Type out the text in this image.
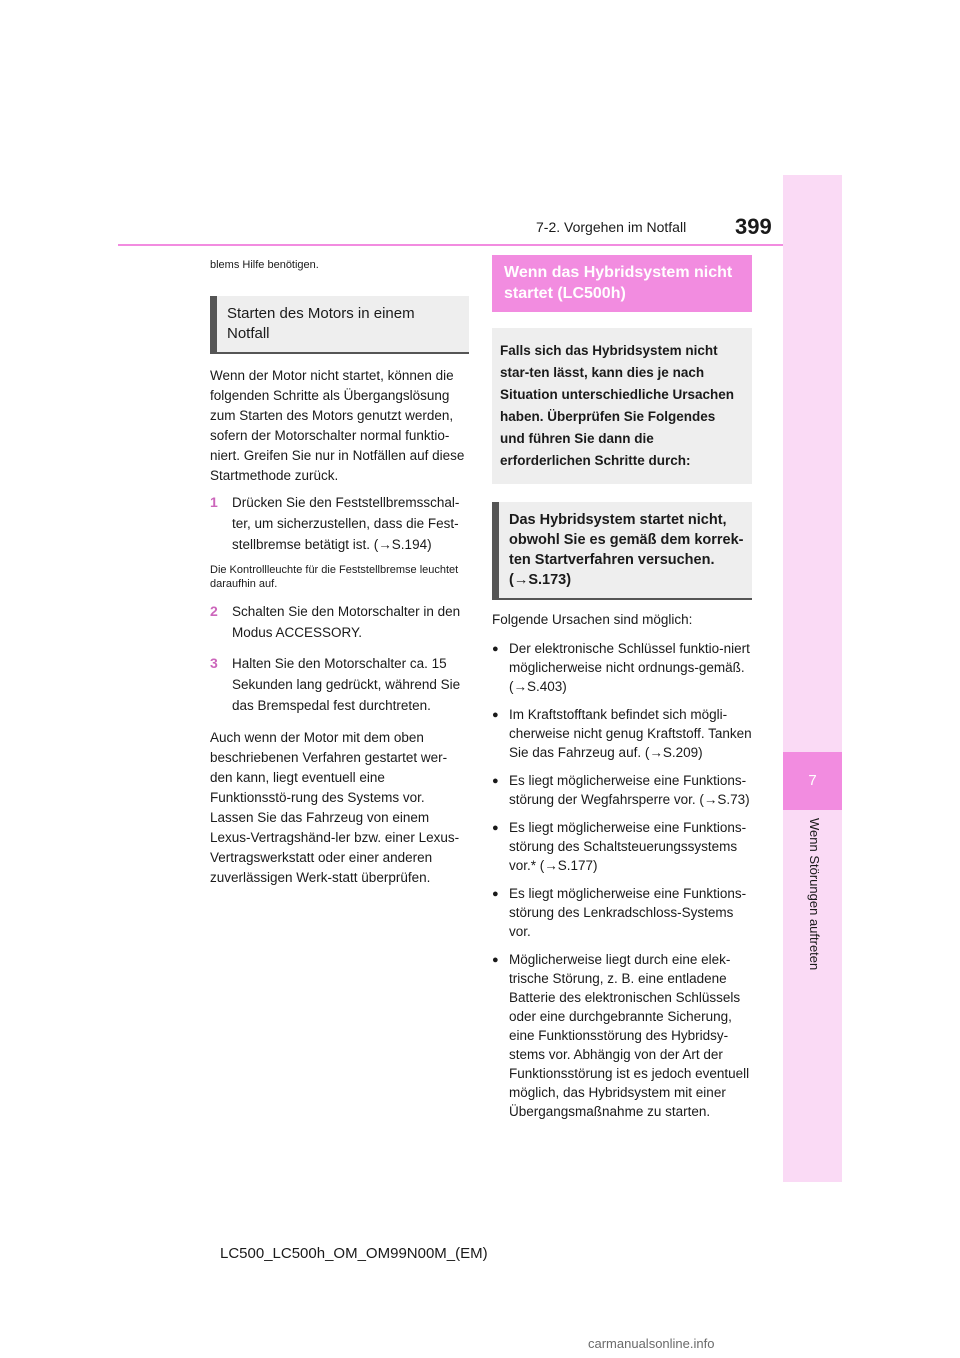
399
7-2. Vorgehen im Notfall
7
Wenn Störungen auftreten
blems Hilfe benötigen.
Starten des Motors in einem Notfall
Wenn der Motor nicht startet, können die folgenden Schritte als Übergangslösung zum Starten des Motors genutzt werden, sofern der Motorschalter normal funktio-niert. Greifen Sie nur in Notfällen auf diese Startmethode zurück.
1	Drücken Sie den Feststellbremsschal-ter, um sicherzustellen, dass die Fest-stellbremse betätigt ist. (→S.194)
Die Kontrollleuchte für die Feststellbremse leuchtet daraufhin auf.
2	Schalten Sie den Motorschalter in den Modus ACCESSORY.
3	Halten Sie den Motorschalter ca. 15 Sekunden lang gedrückt, während Sie das Bremspedal fest durchtreten.
Auch wenn der Motor mit dem oben beschriebenen Verfahren gestartet wer-den kann, liegt eventuell eine Funktionsstö-rung des Systems vor. Lassen Sie das Fahrzeug von einem Lexus-Vertragshänd-ler bzw. einer Lexus-Vertragswerkstatt oder einer anderen zuverlässigen Werk-statt überprüfen.
Wenn das Hybridsystem nicht startet (LC500h)
Falls sich das Hybridsystem nicht star-ten lässt, kann dies je nach Situation unterschiedliche Ursachen haben. Überprüfen Sie Folgendes und führen Sie dann die erforderlichen Schritte durch:
Das Hybridsystem startet nicht, obwohl Sie es gemäß dem korrek-ten Startverfahren versuchen. (→S.173)
Folgende Ursachen sind möglich:
● Der elektronische Schlüssel funktio-niert möglicherweise nicht ordnungs-gemäß. (→S.403)
● Im Kraftstofftank befindet sich mögli-cherweise nicht genug Kraftstoff. Tanken Sie das Fahrzeug auf. (→S.209)
● Es liegt möglicherweise eine Funktions-störung der Wegfahrsperre vor. (→S.73)
● Es liegt möglicherweise eine Funktions-störung des Schaltsteuerungssystems vor.* (→S.177)
● Es liegt möglicherweise eine Funktions-störung des Lenkradschloss-Systems vor.
● Möglicherweise liegt durch eine elek-trische Störung, z. B. eine entladene Batterie des elektronischen Schlüssels oder eine durchgebrannte Sicherung, eine Funktionsstörung des Hybridsy-stems vor. Abhängig von der Art der Funktionsstörung ist es jedoch eventuell möglich, das Hybridsystem mit einer Übergangsmaßnahme zu starten.
LC500_LC500h_OM_OM99N00M_(EM)
carmanualsonline.info
